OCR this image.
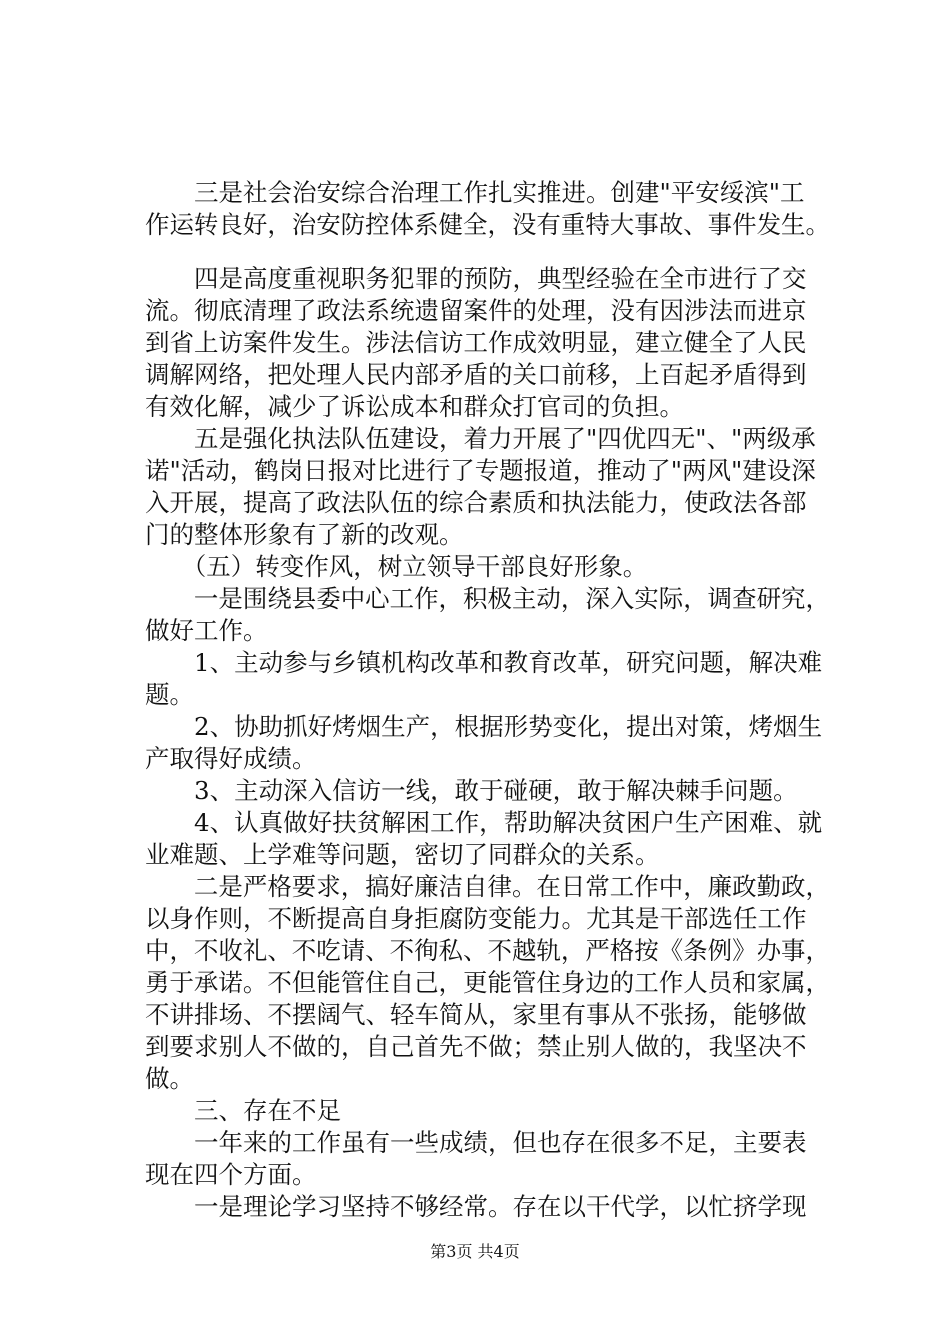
　　三是社会治安综合治理工作扎实推进。创建"平安绥滨"工
作运转良好，治安防控体系健全，没有重特大事故、事件发生。
　　四是高度重视职务犯罪的预防，典型经验在全市进行了交
流。彻底清理了政法系统遗留案件的处理，没有因涉法而进京
到省上访案件发生。涉法信访工作成效明显，建立健全了人民
调解网络，把处理人民内部矛盾的关口前移，上百起矛盾得到
有效化解，减少了诉讼成本和群众打官司的负担。
　　五是强化执法队伍建设，着力开展了"四优四无"、"两级承
诺"活动，鹤岗日报对比进行了专题报道，推动了"两风"建设深
入开展，提高了政法队伍的综合素质和执法能力，使政法各部
门的整体形象有了新的改观。
　　（五）转变作风，树立领导干部良好形象。
　　一是围绕县委中心工作，积极主动，深入实际，调查研究，
做好工作。
　　1、主动参与乡镇机构改革和教育改革，研究问题，解决难
题。
　　2、协助抓好烤烟生产，根据形势变化，提出对策，烤烟生
产取得好成绩。
　　3、主动深入信访一线，敢于碰硬，敢于解决棘手问题。
　　4、认真做好扶贫解困工作，帮助解决贫困户生产困难、就
业难题、上学难等问题，密切了同群众的关系。
　　二是严格要求，搞好廉洁自律。在日常工作中，廉政勤政，
以身作则，不断提高自身拒腐防变能力。尤其是干部选任工作
中，不收礼、不吃请、不徇私、不越轨，严格按《条例》办事，
勇于承诺。不但能管住自己，更能管住身边的工作人员和家属，
不讲排场、不摆阔气、轻车简从，家里有事从不张扬，能够做
到要求别人不做的，自己首先不做；禁止别人做的，我坚决不
做。
　　三、存在不足
　　一年来的工作虽有一些成绩，但也存在很多不足，主要表
现在四个方面。
　　一是理论学习坚持不够经常。存在以干代学，以忙挤学现
第3页 共4页
